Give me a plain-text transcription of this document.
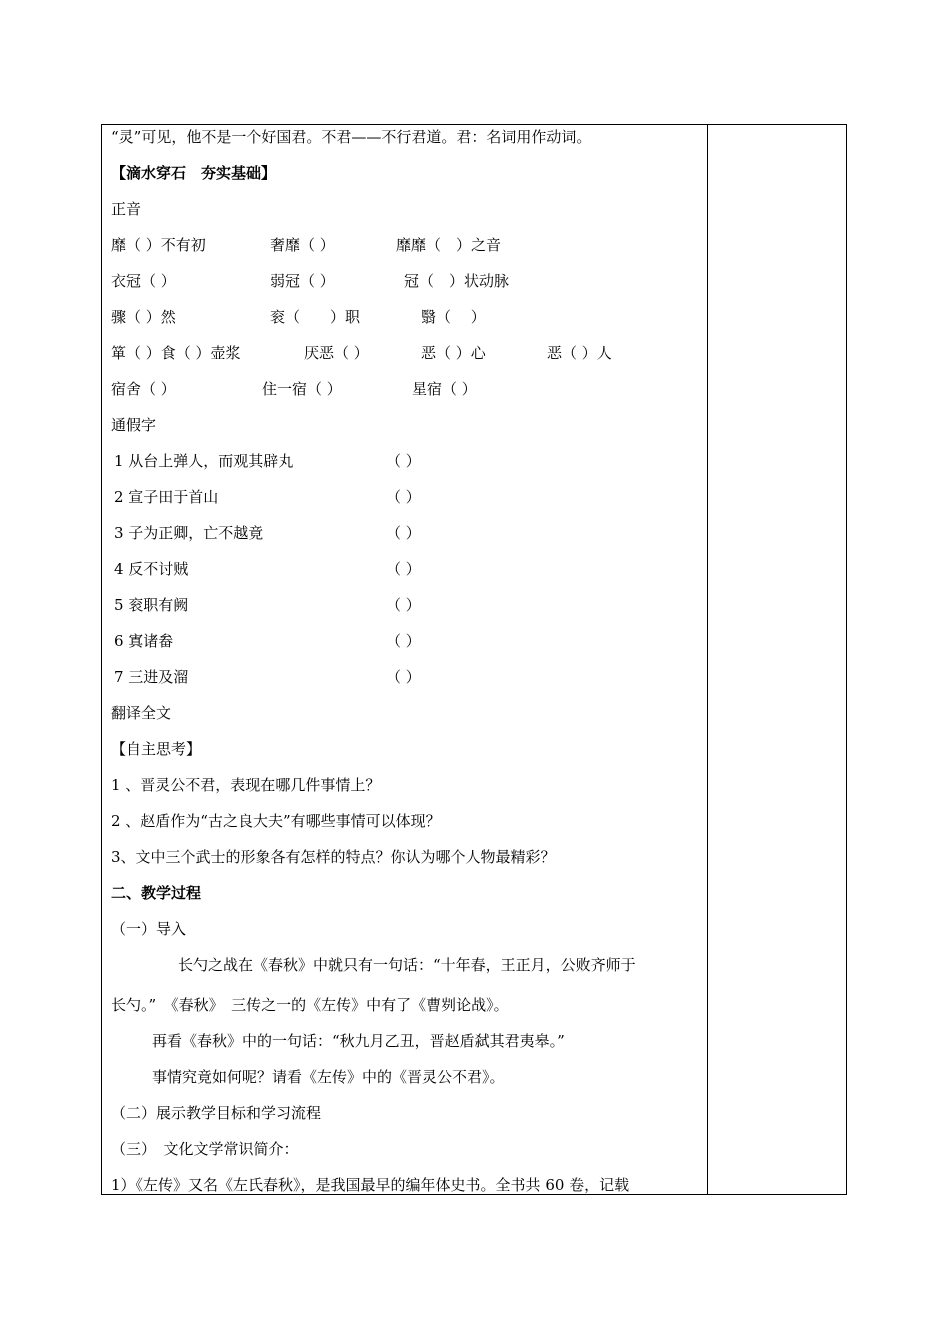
“灵”可见，他不是一个好国君。不君——不行君道。君：名词用作动词。
【滴水穿石　夯实基础】
正音
靡（ ）不有初	奢靡（ ）	靡靡（　）之音
衣冠（ ）	弱冠（ ）	冠（　）状动脉
骤（ ）然	衮（　　）职	翳（　 ）
箪（ ）食（ ）壶浆	厌恶（ ）	恶（ ）心	恶（ ）人
宿舍（ ）	住一宿（ ）	星宿（ ）
通假字
1 从台上弹人，而观其辟丸	（ ）
2 宣子田于首山	（ ）
3 子为正卿，亡不越竟	（ ）
4 反不讨贼	（ ）
5 衮职有阙	（ ）
6 寘诸畚	（ ）
7 三进及溜	（ ）
翻译全文
【自主思考】
1 、晋灵公不君，表现在哪几件事情上？
2 、赵盾作为“古之良大夫”有哪些事情可以体现？
3、文中三个武士的形象各有怎样的特点？你认为哪个人物最精彩？
二、教学过程
（一）导入
长勺之战在《春秋》中就只有一句话：“十年春，王正月，公败齐师于
长勺。”　《春秋》　三传之一的《左传》中有了《曹刿论战》。
再看《春秋》中的一句话：“秋九月乙丑，晋赵盾弑其君夷皋。”
事情究竟如何呢？请看《左传》中的《晋灵公不君》。
（二）展示教学目标和学习流程
（三）　文化文学常识简介：
1）《左传》又名《左氏春秋》，是我国最早的编年体史书。全书共 60 卷，记载
